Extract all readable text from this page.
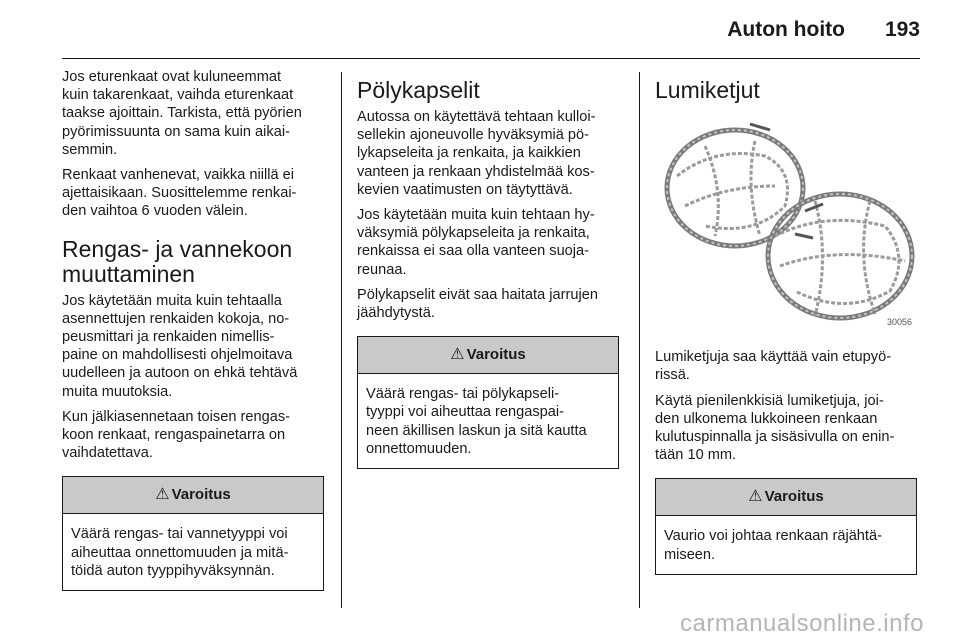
Auton hoito 193

Jos eturenkaat ovat kuluneemmat
kuin takarenkaat, vaihda eturenkaat
taakse ajoittain. Tarkista, että pyörien
pyörimissuunta on sama kuin aikai-
semmin.

Renkaat vanhenevat, vaikka niillä ei
ajettaisikaan. Suosittelemme renkai-
den vaihtoa 6 vuoden välein.

Rengas- ja vannekoon
muuttaminen

Jos käytetään muita kuin tehtaalla
asennettujen renkaiden kokoja, no-
peusmittari ja renkaiden nimellis-
paine on mahdollisesti ohjelmoitava
uudelleen ja autoon on ehkä tehtävä
muita muutoksia.

Kun jälkiasennetaan toisen rengas-
koon renkaat, rengaspainetarra on
vaihdatettava.

⚠ Varoitus
Väärä rengas- tai vannetyyppi voi
aiheuttaa onnettomuuden ja mitä-
töidä auton tyyppihyväksynnän.
Pölykapselit

Autossa on käytettävä tehtaan kulloi-
sellekin ajoneuvolle hyväksymiä pö-
lykapseleita ja renkaita, ja kaikkien
vanteen ja renkaan yhdistelmää kos-
kevien vaatimusten on täytyttävä.

Jos käytetään muita kuin tehtaan hy-
väksymiä pölykapseleita ja renkaita,
renkaissa ei saa olla vanteen suoja-
reunaa.

Pölykapselit eivät saa haitata jarrujen
jäähdytystä.

⚠ Varoitus
Väärä rengas- tai pölykapseli-
tyyppi voi aiheuttaa rengaspai-
neen äkillisen laskun ja sitä kautta
onnettomuuden.
Lumiketjut
30056

Lumiketjuja saa käyttää vain etupyö-
rissä.

Käytä pienilenkkisiä lumiketjuja, joi-
den ulkonema lukkoineen renkaan
kulutuspinnalla ja sisäsivulla on enin-
tään 10 mm.

⚠ Varoitus
Vaurio voi johtaa renkaan räjähtä-
miseen.
carmanualsonline.info
